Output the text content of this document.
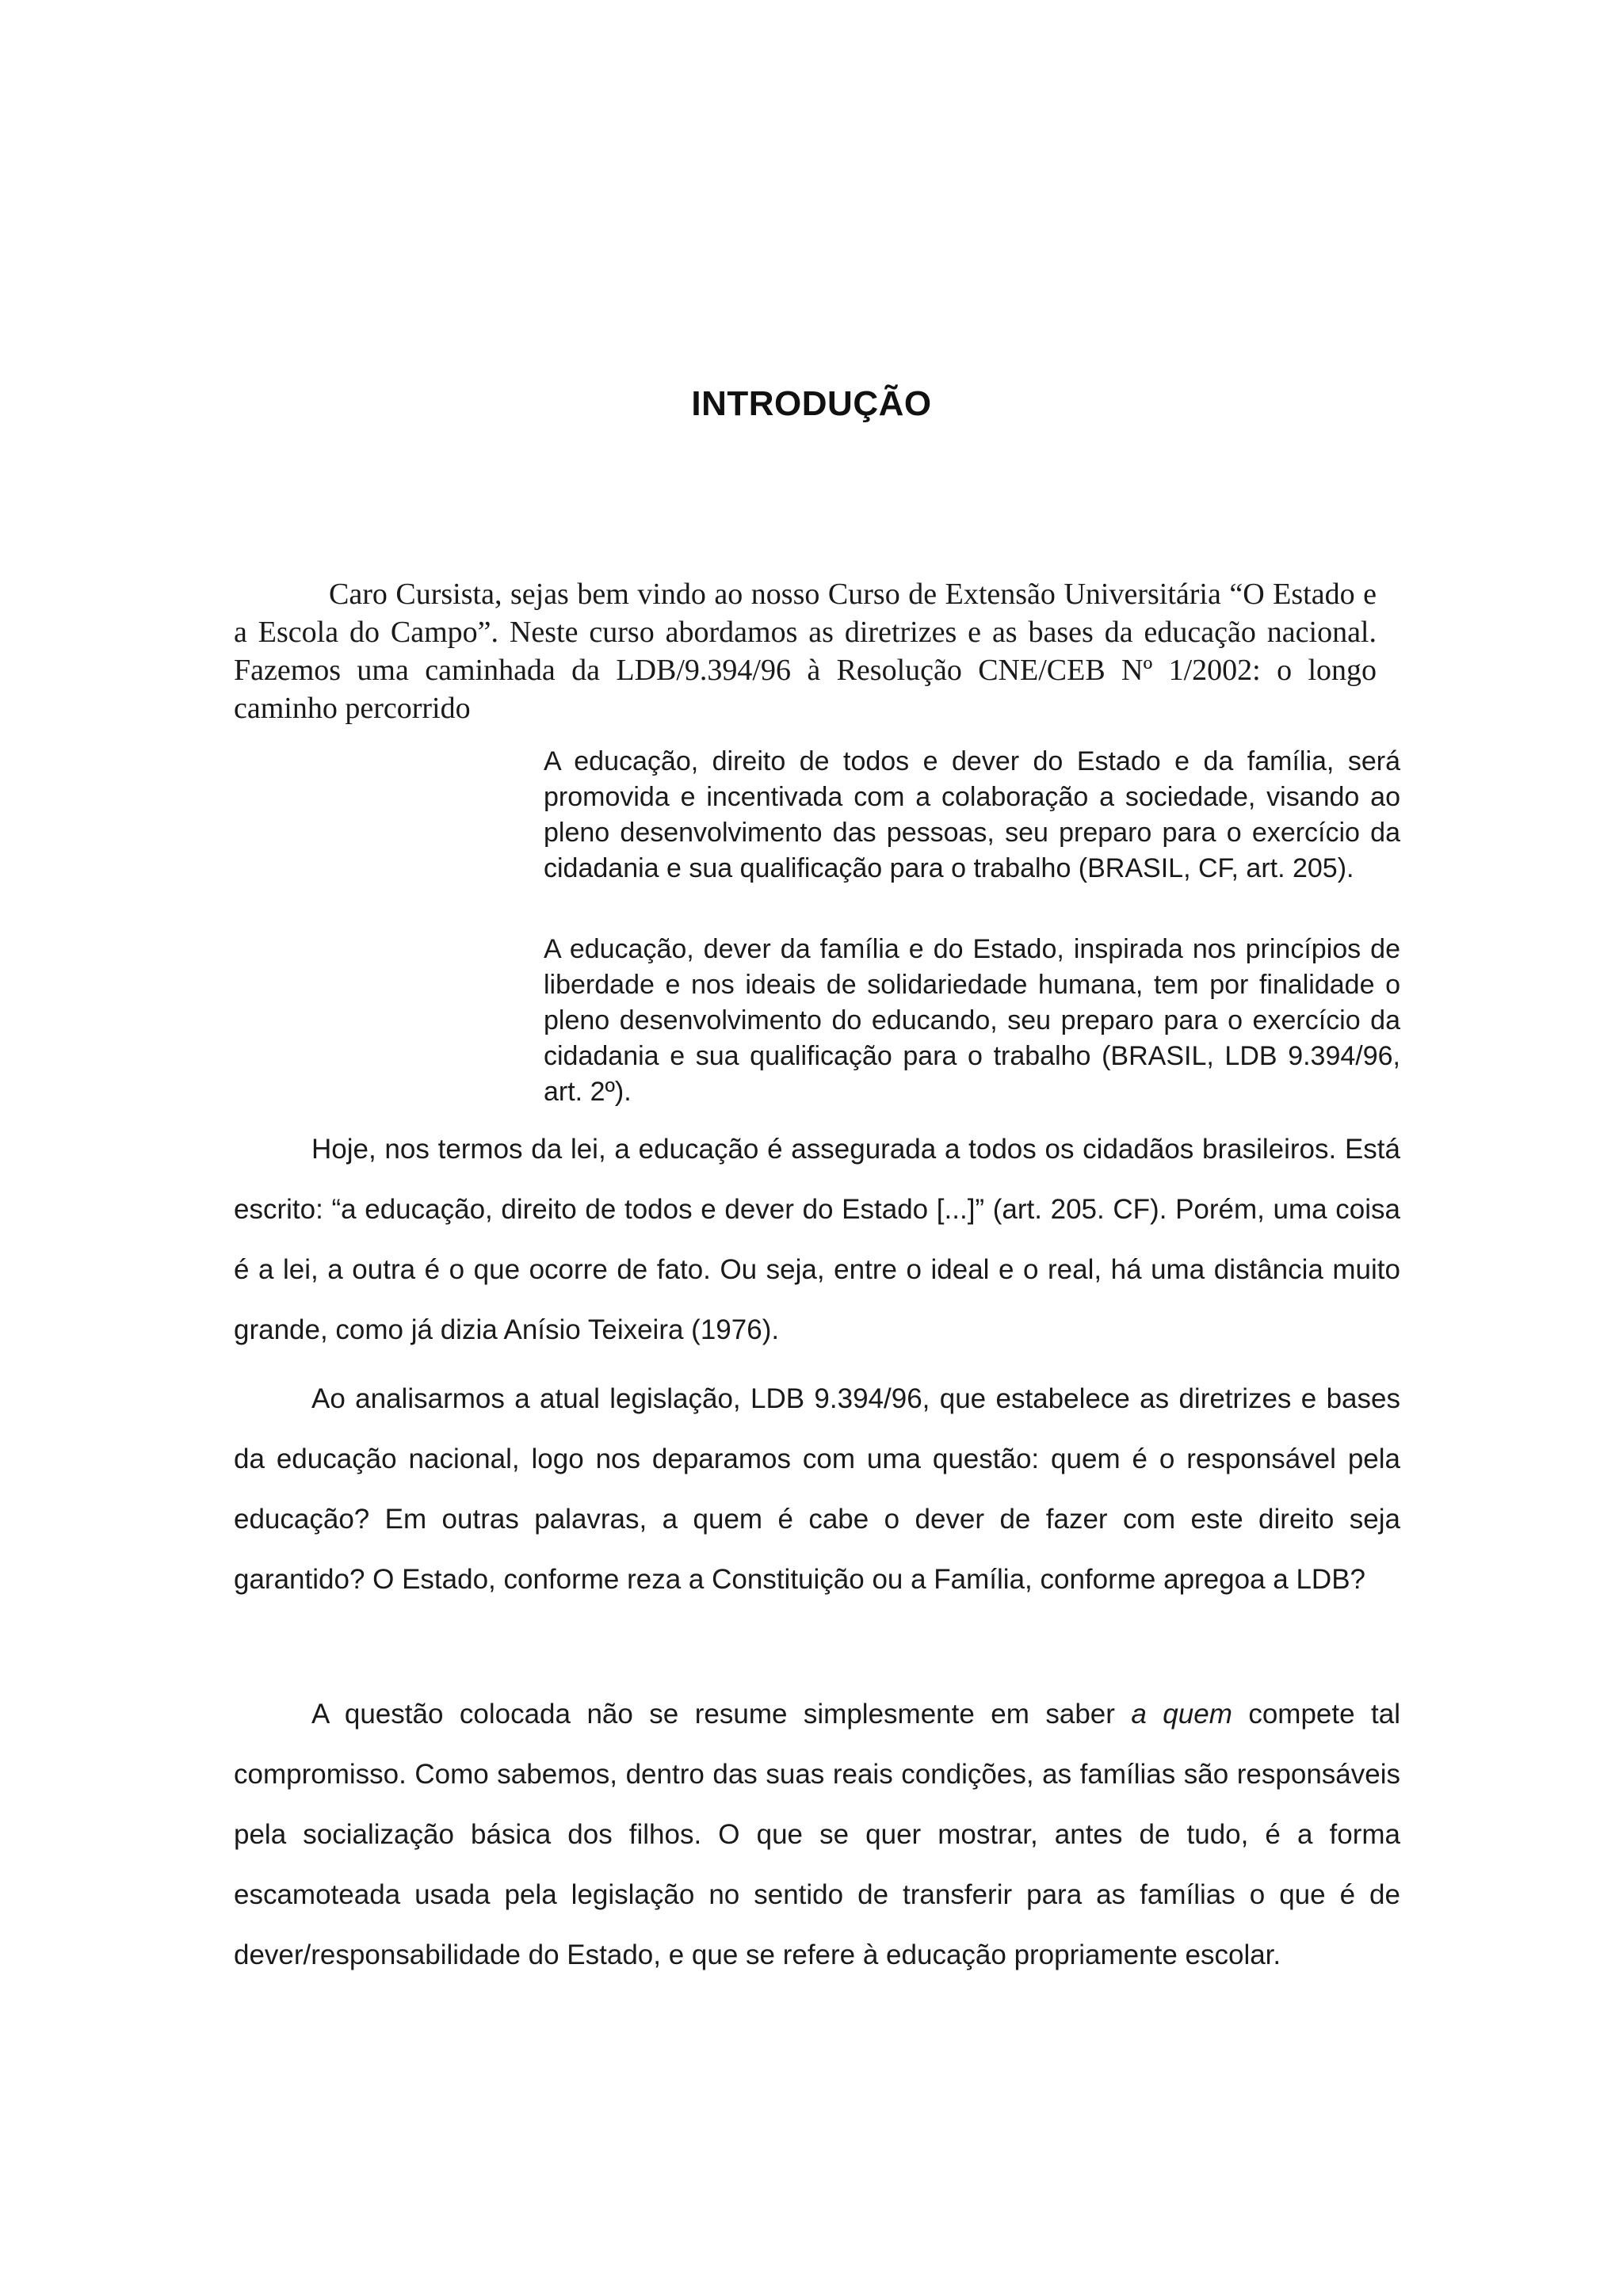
INTRODUÇÃO

Caro Cursista, sejas bem vindo ao nosso Curso de Extensão Universitária “O Estado e a Escola do Campo”. Neste curso abordamos as diretrizes e as bases da educação nacional. Fazemos uma caminhada da LDB/9.394/96 à Resolução CNE/CEB Nº 1/2002: o longo caminho percorrido

A educação, direito de todos e dever do Estado e da família, será promovida e incentivada com a colaboração a sociedade, visando ao pleno desenvolvimento das pessoas, seu preparo para o exercício da cidadania e sua qualificação para o trabalho (BRASIL, CF, art. 205).

A educação, dever da família e do Estado, inspirada nos princípios de liberdade e nos ideais de solidariedade humana, tem por finalidade o pleno desenvolvimento do educando, seu preparo para o exercício da cidadania e sua qualificação para o trabalho (BRASIL, LDB 9.394/96, art. 2º).

Hoje, nos termos da lei, a educação é assegurada a todos os cidadãos brasileiros. Está escrito: “a educação, direito de todos e dever do Estado [...]” (art. 205. CF). Porém, uma coisa é a lei, a outra é o que ocorre de fato. Ou seja, entre o ideal e o real, há uma distância muito grande, como já dizia Anísio Teixeira (1976).

Ao analisarmos a atual legislação, LDB 9.394/96, que estabelece as diretrizes e bases da educação nacional, logo nos deparamos com uma questão: quem é o responsável pela educação? Em outras palavras, a quem é cabe o dever de fazer com este direito seja garantido? O Estado, conforme reza a Constituição ou a Família, conforme apregoa a LDB?

A questão colocada não se resume simplesmente em saber a quem compete tal compromisso. Como sabemos, dentro das suas reais condições, as famílias são responsáveis pela socialização básica dos filhos. O que se quer mostrar, antes de tudo, é a forma escamoteada usada pela legislação no sentido de transferir para as famílias o que é de dever/responsabilidade do Estado, e que se refere à educação propriamente escolar.
